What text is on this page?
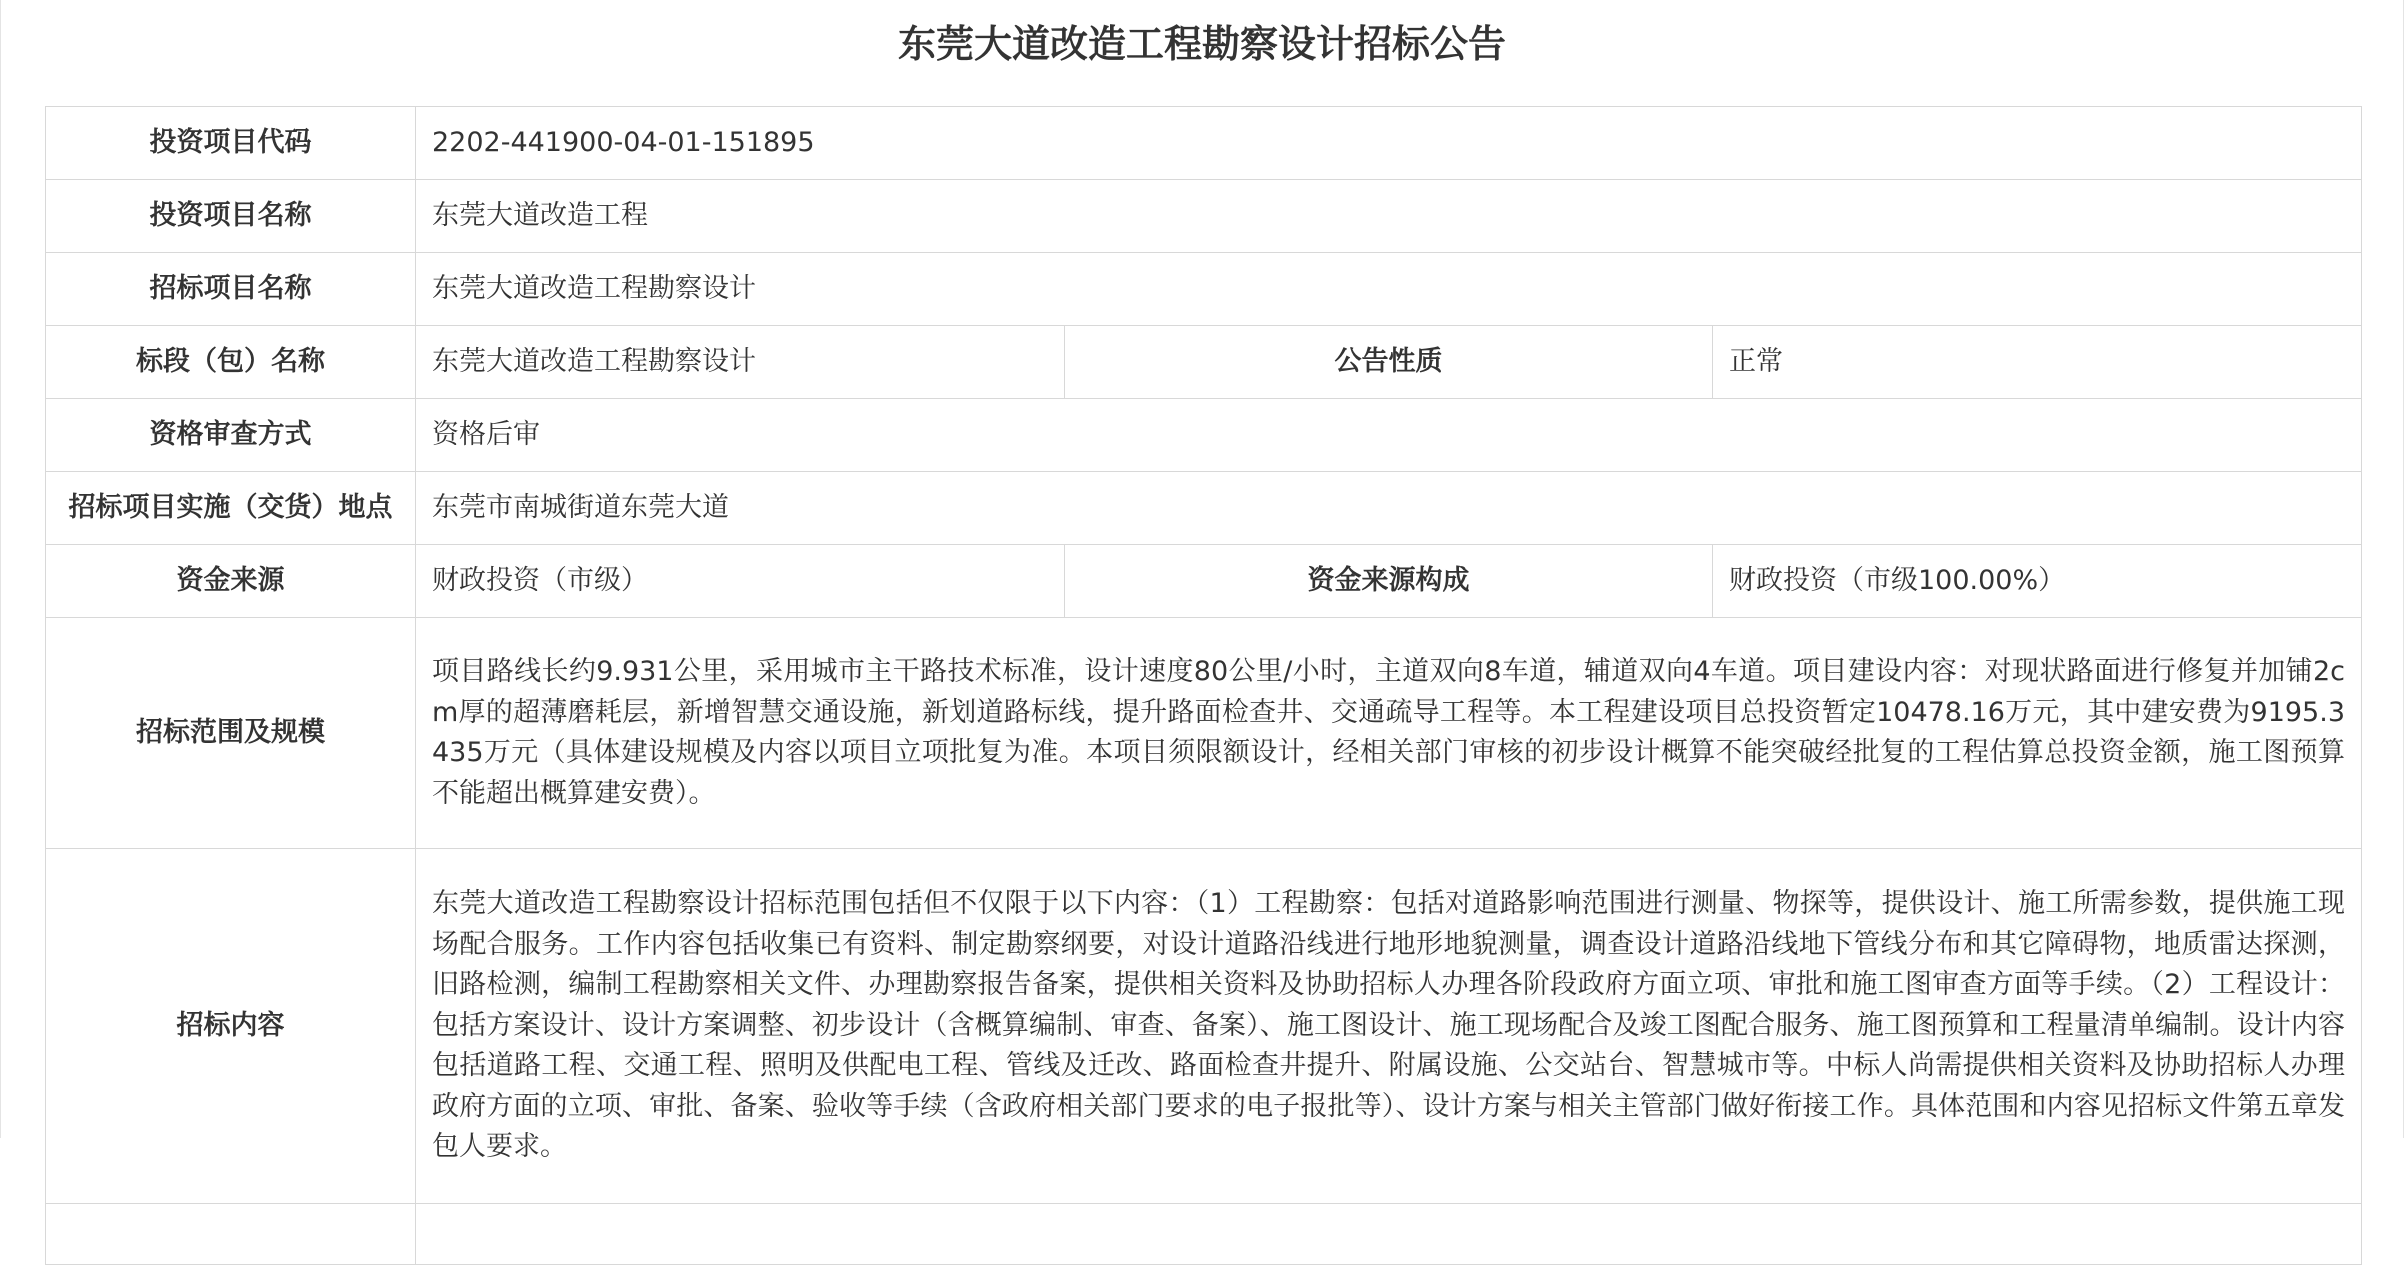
东莞大道改造工程勘察设计招标公告
投资项目代码	2202-441900-04-01-151895		
投资项目名称	东莞大道改造工程		
招标项目名称	东莞大道改造工程勘察设计		
标段（包）名称	东莞大道改造工程勘察设计	公告性质	正常
资格审查方式	资格后审		
招标项目实施（交货）地点	东莞市南城街道东莞大道		
资金来源	财政投资（市级）	资金来源构成	财政投资（市级100.00%）
招标范围及规模	项目路线长约9.931公里，采用城市主干路技术标准，设计速度80公里/小时，主道双向8车道，辅道双向4车道。项目建设内容：对现状路面进行修复并加铺2cm厚的超薄磨耗层，新增智慧交通设施，新划道路标线，提升路面检查井、交通疏导工程等。本工程建设项目总投资暂定10478.16万元，其中建安费为9195.3435万元（具体建设规模及内容以项目立项批复为准。本项目须限额设计，经相关部门审核的初步设计概算不能突破经批复的工程估算总投资金额，施工图预算不能超出概算建安费）。		
招标内容	东莞大道改造工程勘察设计招标范围包括但不仅限于以下内容：（1）工程勘察：包括对道路影响范围进行测量、物探等，提供设计、施工所需参数，提供施工现场配合服务。工作内容包括收集已有资料、制定勘察纲要，对设计道路沿线进行地形地貌测量，调查设计道路沿线地下管线分布和其它障碍物，地质雷达探测，旧路检测，编制工程勘察相关文件、办理勘察报告备案，提供相关资料及协助招标人办理各阶段政府方面立项、审批和施工图审查方面等手续。（2）工程设计：包括方案设计、设计方案调整、初步设计（含概算编制、审查、备案）、施工图设计、施工现场配合及竣工图配合服务、施工图预算和工程量清单编制。设计内容包括道路工程、交通工程、照明及供配电工程、管线及迁改、路面检查井提升、附属设施、公交站台、智慧城市等。中标人尚需提供相关资料及协助招标人办理政府方面的立项、审批、备案、验收等手续（含政府相关部门要求的电子报批等）、设计方案与相关主管部门做好衔接工作。具体范围和内容见招标文件第五章发包人要求。		
